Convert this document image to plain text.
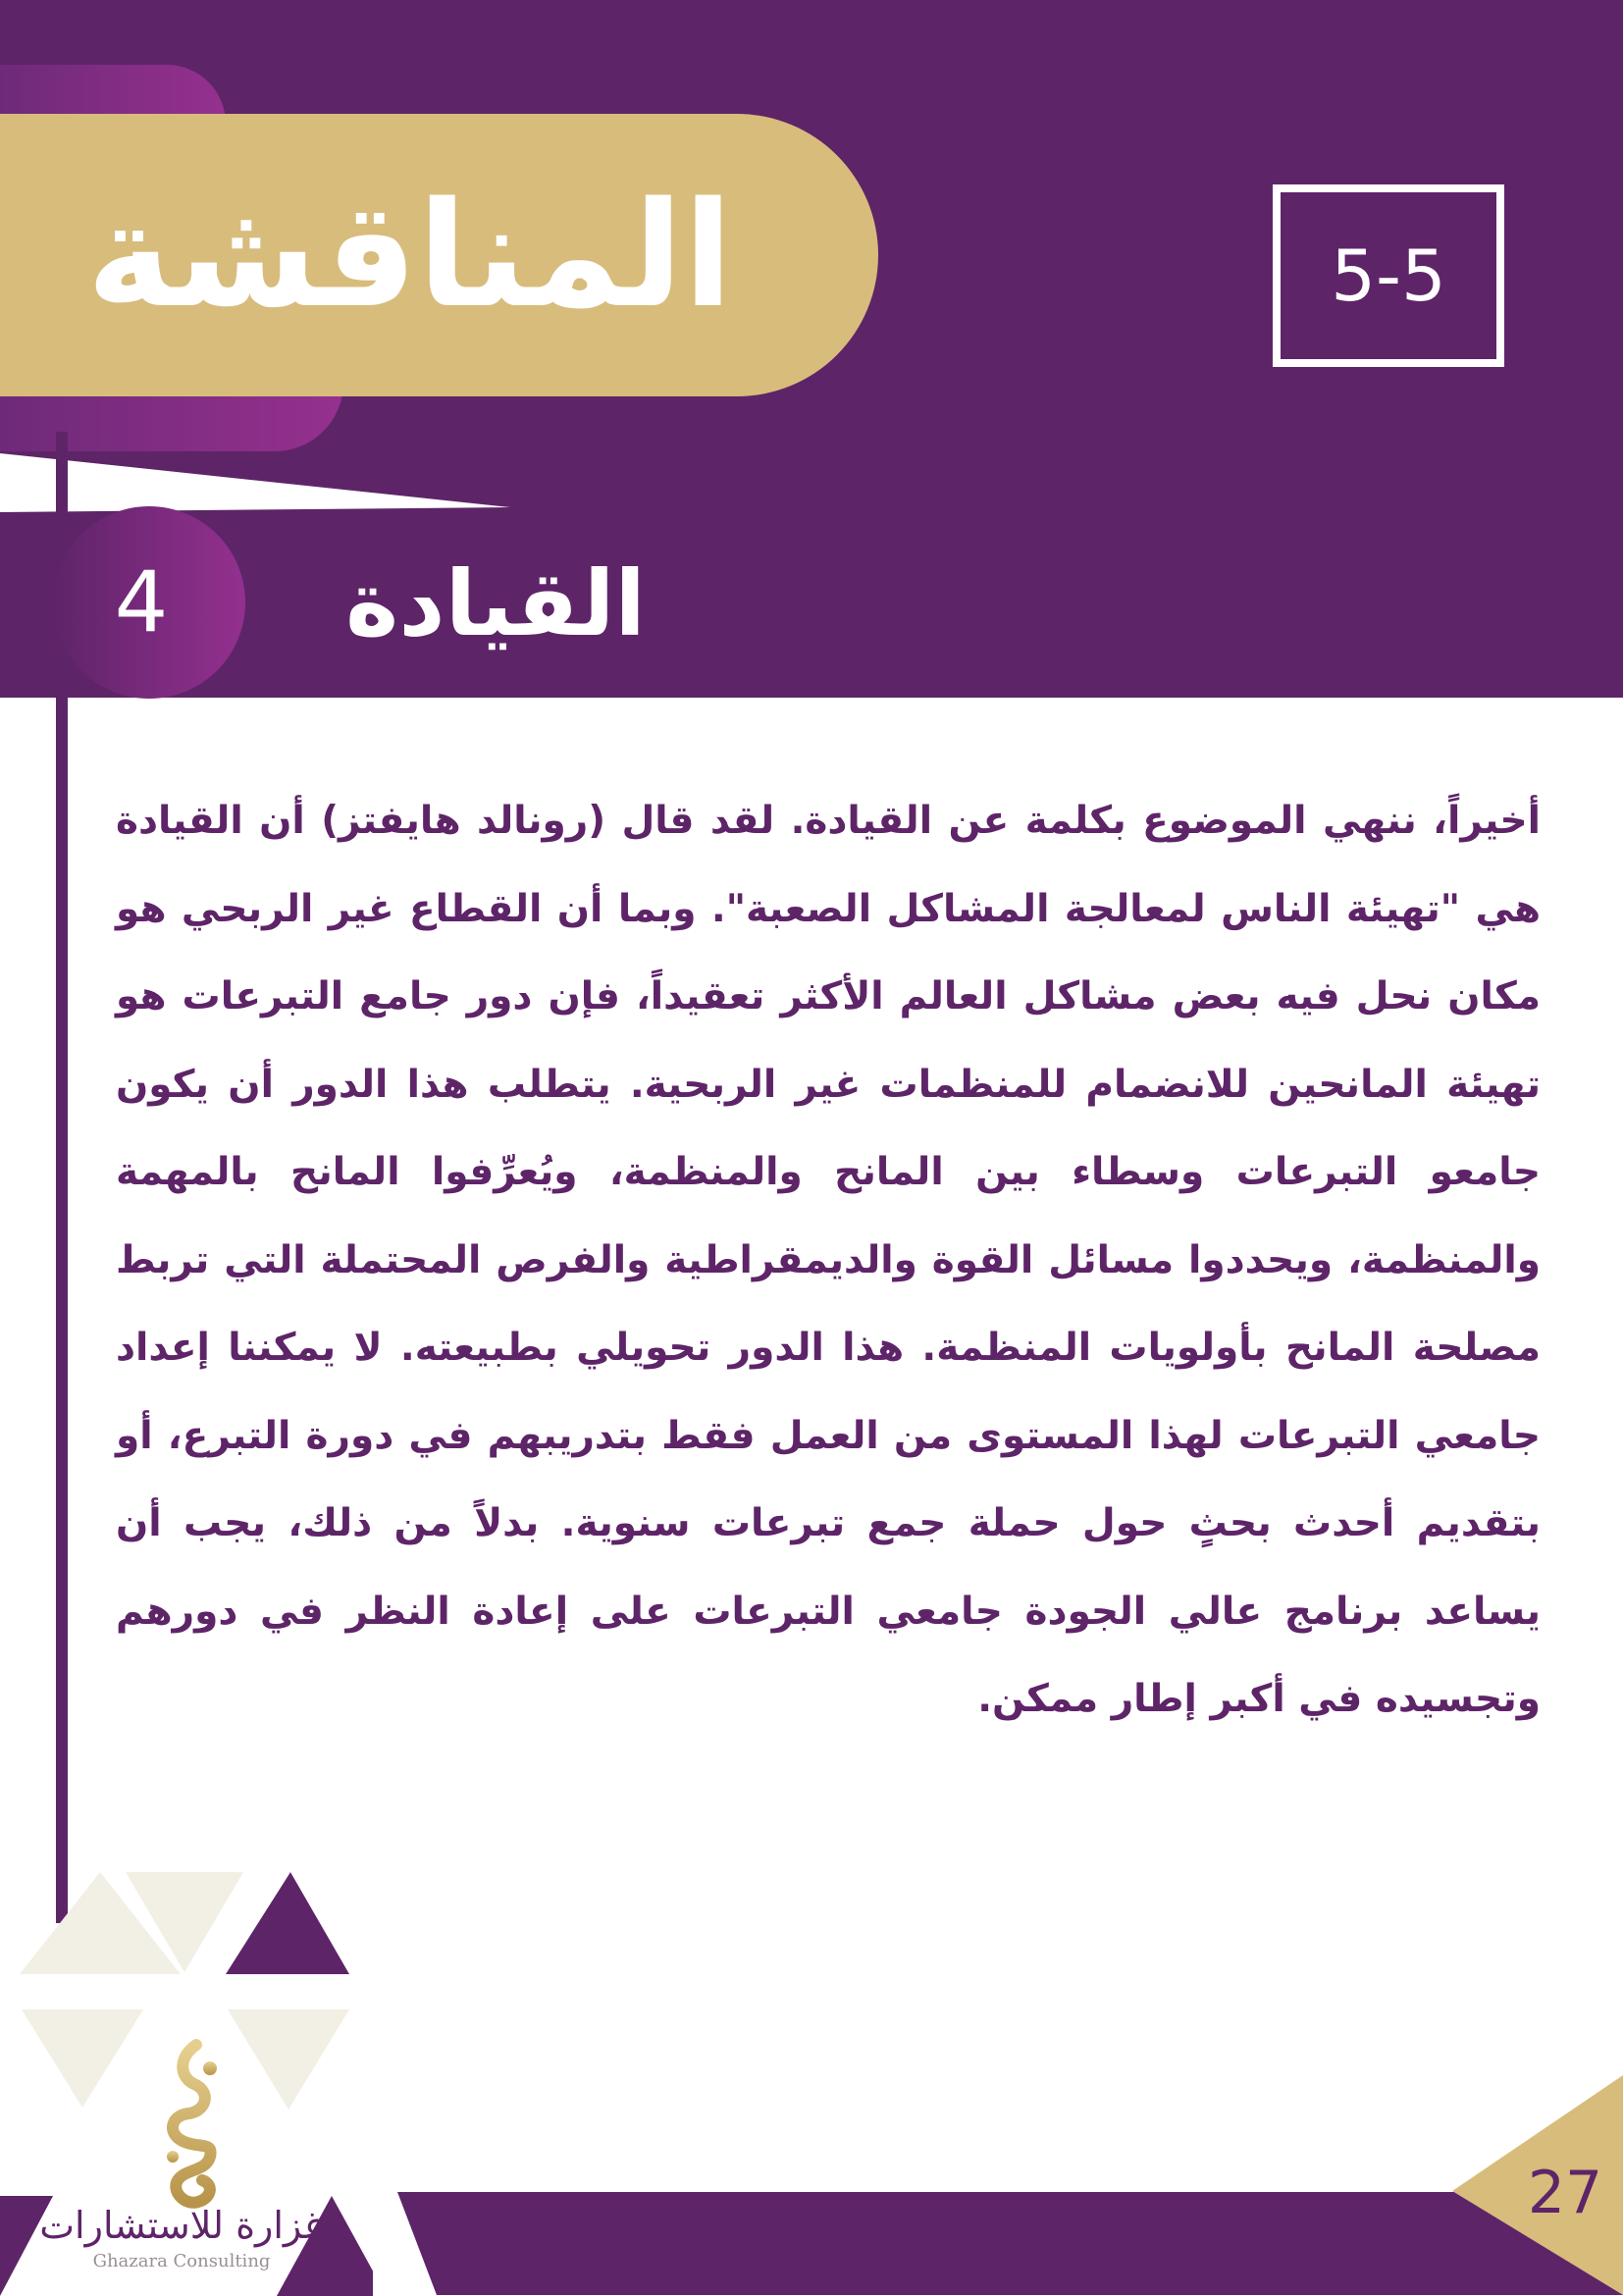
المناقشة	5-5
4	القيادة
أخيراً، ننهي الموضوع بكلمة عن القيادة. لقد قال (رونالد هايفتز) أن القيادة هي "تهيئة الناس لمعالجة المشاكل الصعبة". وبما أن القطاع غير الربحي هو مكان نحل فيه بعض مشاكل العالم الأكثر تعقيداً، فإن دور جامع التبرعات هو تهيئة المانحين للانضمام للمنظمات غير الربحية. يتطلب هذا الدور أن يكون جامعو التبرعات وسطاء بين المانح والمنظمة، ويُعرِّفوا المانح بالمهمة والمنظمة، ويحددوا مسائل القوة والديمقراطية والفرص المحتملة التي تربط مصلحة المانح بأولويات المنظمة. هذا الدور تحويلي بطبيعته. لا يمكننا إعداد جامعي التبرعات لهذا المستوى من العمل فقط بتدريبهم في دورة التبرع، أو بتقديم أحدث بحثٍ حول حملة جمع تبرعات سنوية. بدلاً من ذلك، يجب أن يساعد برنامج عالي الجودة جامعي التبرعات على إعادة النظر في دورهم وتجسيده في أكبر إطار ممكن.
27
غزارة للاستشارات
Ghazara Consulting
